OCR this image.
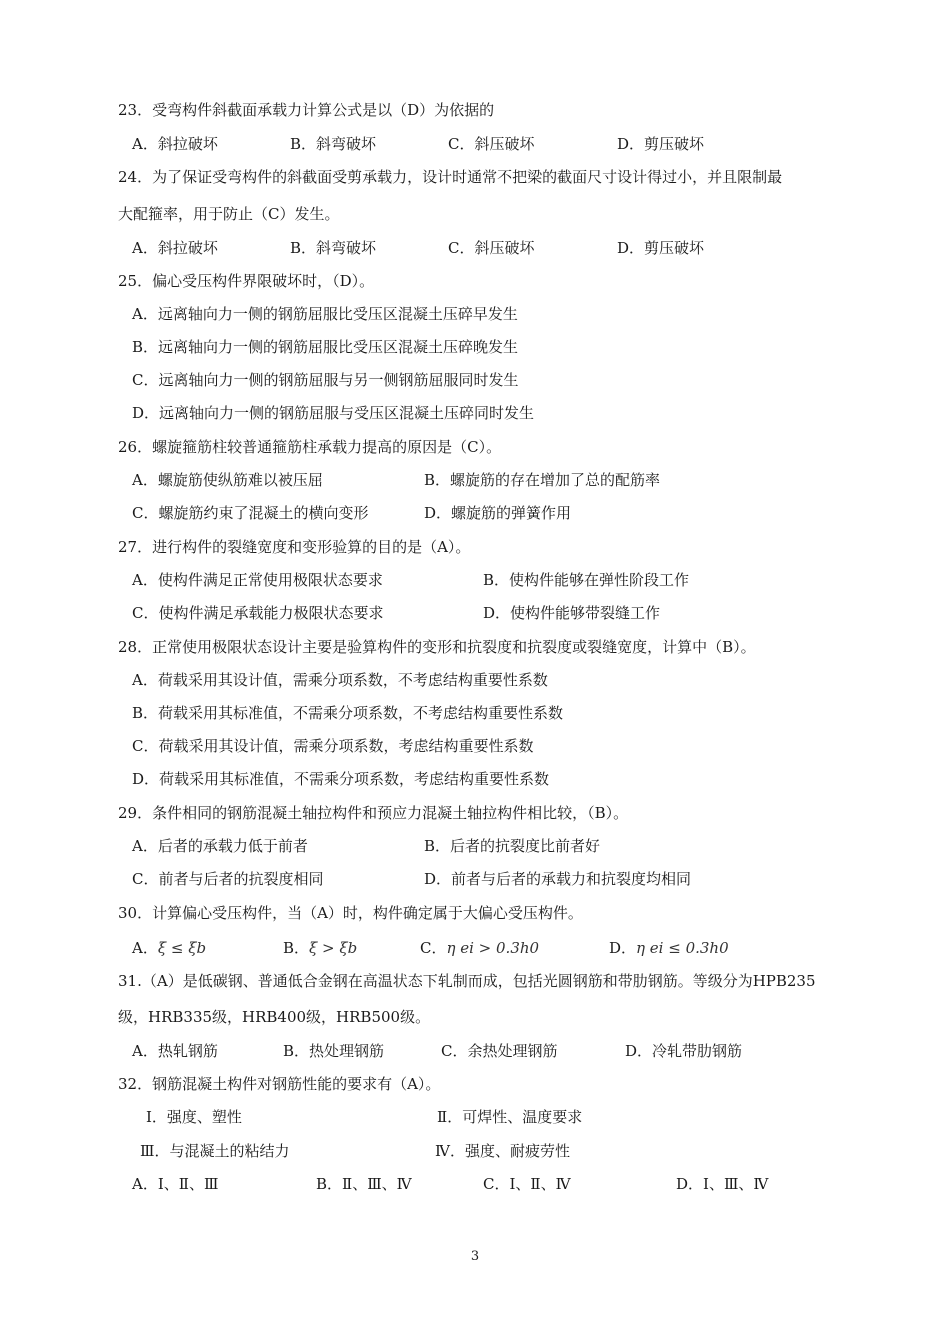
23．受弯构件斜截面承载力计算公式是以（D）为依据的
A．斜拉破坏	B．斜弯破坏	C．斜压破坏	D．剪压破坏
24．为了保证受弯构件的斜截面受剪承载力，设计时通常不把梁的截面尺寸设计得过小，并且限制最
大配箍率，用于防止（C）发生。
A．斜拉破坏	B．斜弯破坏	C．斜压破坏	D．剪压破坏
25．偏心受压构件界限破坏时，（D）。
A．远离轴向力一侧的钢筋屈服比受压区混凝土压碎早发生
B．远离轴向力一侧的钢筋屈服比受压区混凝土压碎晚发生
C．远离轴向力一侧的钢筋屈服与另一侧钢筋屈服同时发生
D．远离轴向力一侧的钢筋屈服与受压区混凝土压碎同时发生
26．螺旋箍筋柱较普通箍筋柱承载力提高的原因是（C）。
A．螺旋筋使纵筋难以被压屈	B．螺旋筋的存在增加了总的配筋率
C．螺旋筋约束了混凝土的横向变形	D．螺旋筋的弹簧作用
27．进行构件的裂缝宽度和变形验算的目的是（A）。
A．使构件满足正常使用极限状态要求	B．使构件能够在弹性阶段工作
C．使构件满足承载能力极限状态要求	D．使构件能够带裂缝工作
28．正常使用极限状态设计主要是验算构件的变形和抗裂度和抗裂度或裂缝宽度，计算中（B）。
A．荷载采用其设计值，需乘分项系数，不考虑结构重要性系数
B．荷载采用其标准值，不需乘分项系数，不考虑结构重要性系数
C．荷载采用其设计值，需乘分项系数，考虑结构重要性系数
D．荷载采用其标准值，不需乘分项系数，考虑结构重要性系数
29．条件相同的钢筋混凝土轴拉构件和预应力混凝土轴拉构件相比较，（B）。
A．后者的承载力低于前者	B．后者的抗裂度比前者好
C．前者与后者的抗裂度相同	D．前者与后者的承载力和抗裂度均相同
30．计算偏心受压构件，当（A）时，构件确定属于大偏心受压构件。
A．ξ ≤ ξb	B．ξ > ξb	C．η ei > 0.3h0	D．η ei ≤ 0.3h0
31.（A）是低碳钢、普通低合金钢在高温状态下轧制而成，包括光圆钢筋和带肋钢筋。等级分为HPB235
级，HRB335级，HRB400级，HRB500级。
A．热轧钢筋	B．热处理钢筋	C．余热处理钢筋	D．冷轧带肋钢筋
32．钢筋混凝土构件对钢筋性能的要求有（A）。
Ⅰ．强度、塑性	Ⅱ．可焊性、温度要求
Ⅲ．与混凝土的粘结力	Ⅳ．强度、耐疲劳性
A．Ⅰ、Ⅱ、Ⅲ	B．Ⅱ、Ⅲ、Ⅳ	C．Ⅰ、Ⅱ、Ⅳ	D．Ⅰ、Ⅲ、Ⅳ
3
